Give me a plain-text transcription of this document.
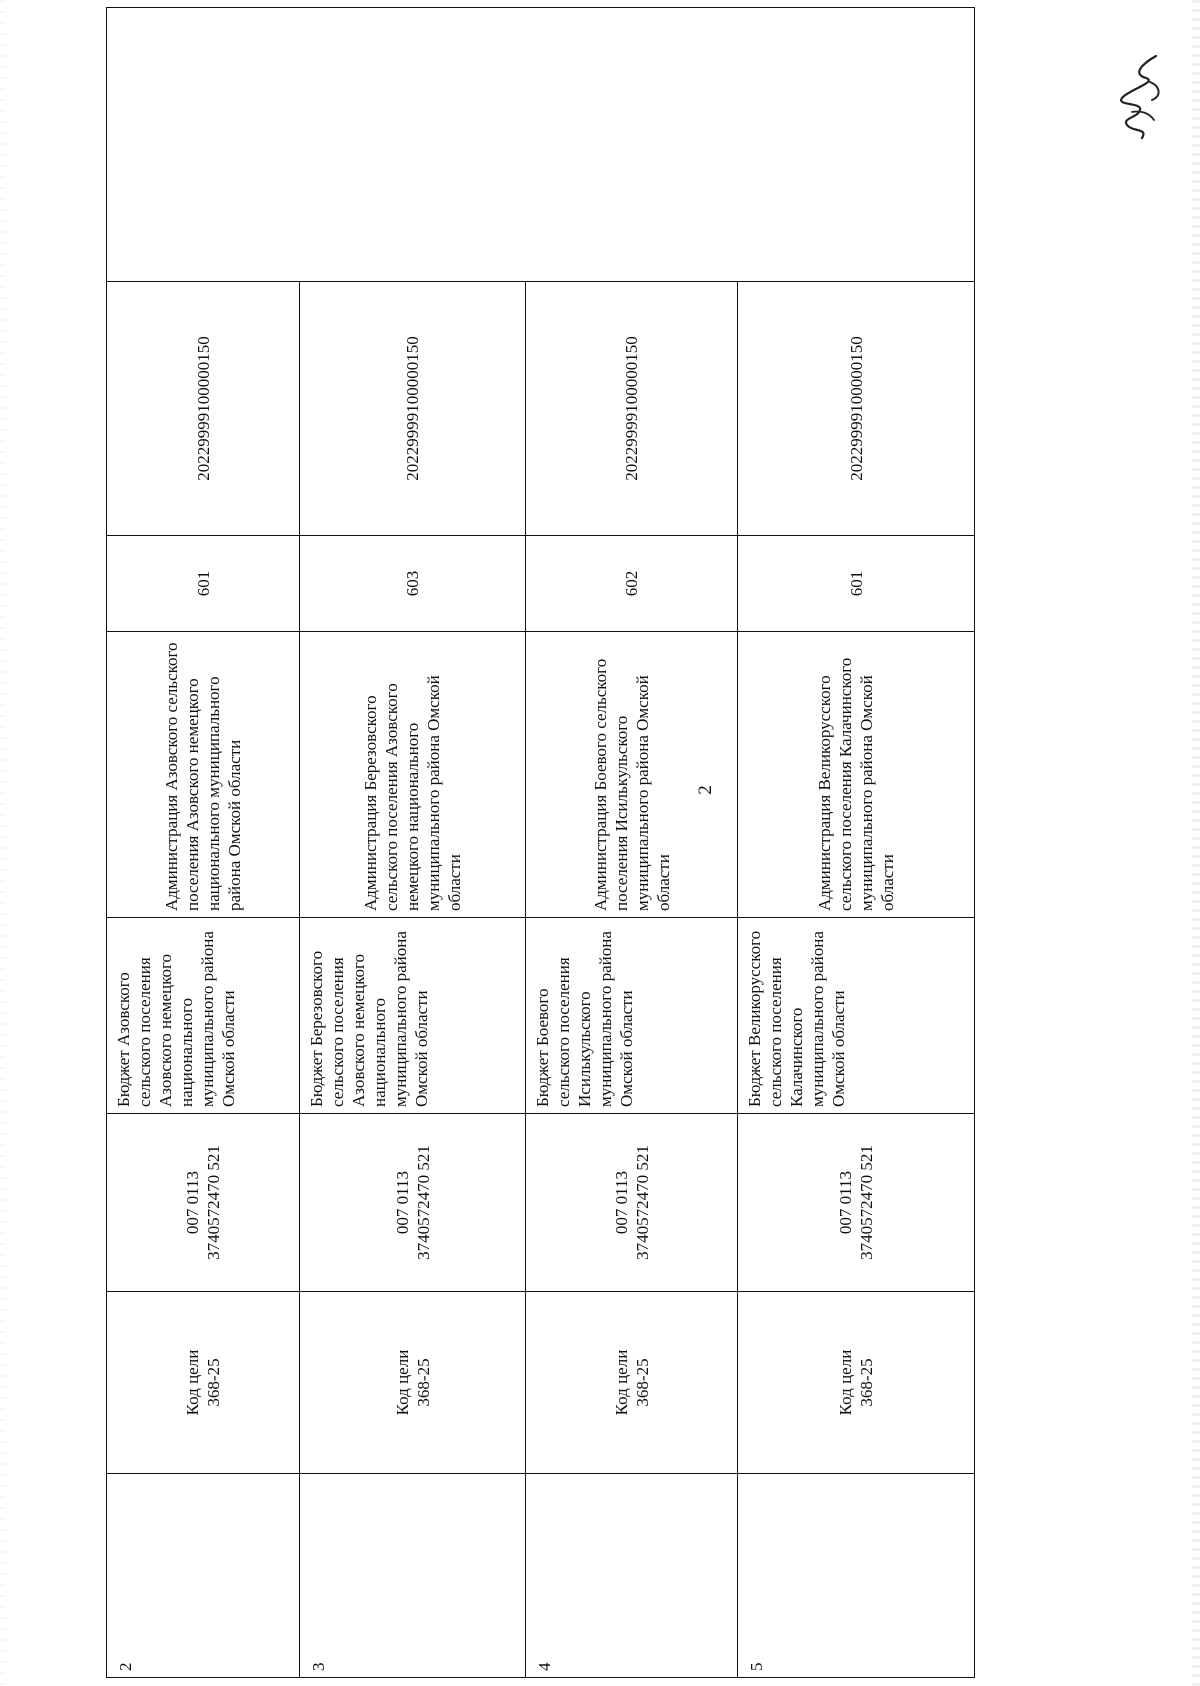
2
2	Код цели 368-25	007 0113 3740572470 521	Бюджет Азовского сельского поселения Азовского немецкого национального муниципального района Омской области	Администрация Азовского сельского поселения Азовского немецкого национального муниципального района Омской области	601	20229999100000150	
3	Код цели 368-25	007 0113 3740572470 521	Бюджет Березовского сельского поселения Азовского немецкого национального муниципального района Омской области	Администрация Березовского сельского поселения Азовского немецкого национального муниципального района Омской области	603	20229999100000150	
4	Код цели 368-25	007 0113 3740572470 521	Бюджет Боевого сельского поселения Исилькульского муниципального района Омской области	Администрация Боевого сельского поселения Исилькульского муниципального района Омской области	602	20229999100000150	
5	Код цели 368-25	007 0113 3740572470 521	Бюджет Великорусского сельского поселения Калачинского муниципального района Омской области	Администрация Великорусского сельского поселения Калачинского муниципального района Омской области	601	20229999100000150	
